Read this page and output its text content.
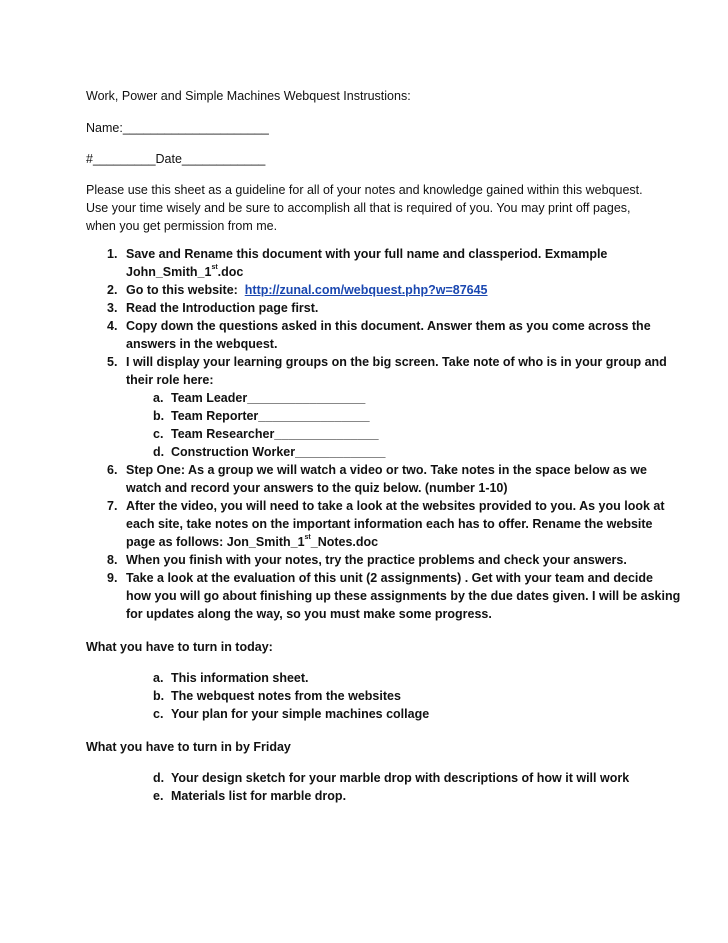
Work, Power and Simple Machines Webquest Instrustions:
Name:_____________________
#_________Date____________
Please use this sheet as a guideline for all of your notes and knowledge gained within this webquest.
Use your time wisely and be sure to accomplish all that is required of you. You may print off pages,
when you get permission from me.
1. Save and Rename this document with your full name and classperiod. Exmample
John_Smith_1st.doc
2. Go to this website:  http://zunal.com/webquest.php?w=87645
3. Read the Introduction page first.
4. Copy down the questions asked in this document. Answer them as you come across the
answers in the webquest.
5. I will display your learning groups on the big screen. Take note of who is in your group and
their role here:
a. Team Leader_________________
b. Team Reporter________________
c. Team Researcher_______________
d. Construction Worker_____________
6. Step One: As a group we will watch a video or two. Take notes in the space below as we
watch and record your answers to the quiz below. (number 1-10)
7. After the video, you will need to take a look at the websites provided to you. As you look at
each site, take notes on the important information each has to offer. Rename the website
page as follows: Jon_Smith_1st_Notes.doc
8. When you finish with your notes, try the practice problems and check your answers.
9. Take a look at the evaluation of this unit (2 assignments) . Get with your team and decide
how you will go about finishing up these assignments by the due dates given. I will be asking
for updates along the way, so you must make some progress.
What you have to turn in today:
a. This information sheet.
b. The webquest notes from the websites
c. Your plan for your simple machines collage
What you have to turn in by Friday
d. Your design sketch for your marble drop with descriptions of how it will work
e. Materials list for marble drop.
